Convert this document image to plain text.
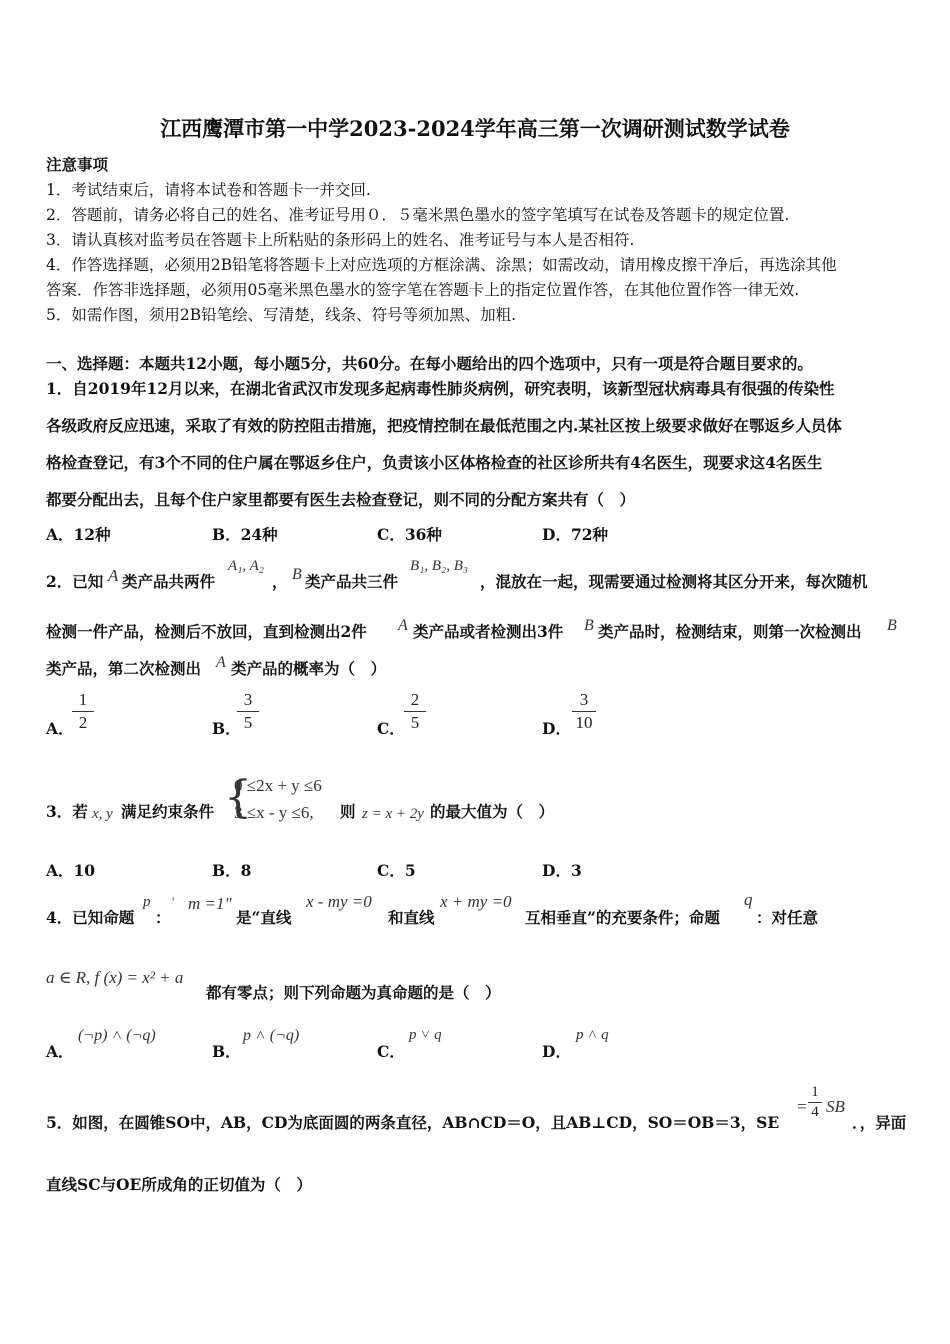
江西鹰潭市第一中学2023-2024学年高三第一次调研测试数学试卷
注意事项
1．考试结束后，请将本试卷和答题卡一并交回.
2．答题前，请务必将自己的姓名、准考证号用０．５毫米黑色墨水的签字笔填写在试卷及答题卡的规定位置.
3．请认真核对监考员在答题卡上所粘贴的条形码上的姓名、准考证号与本人是否相符.
4．作答选择题，必须用2B铅笔将答题卡上对应选项的方框涂满、涂黑；如需改动，请用橡皮擦干净后，再选涂其他
答案．作答非选择题，必须用05毫米黑色墨水的签字笔在答题卡上的指定位置作答，在其他位置作答一律无效.
5．如需作图，须用2B铅笔绘、写清楚，线条、符号等须加黑、加粗.
一、选择题：本题共12小题，每小题5分，共60分。在每小题给出的四个选项中，只有一项是符合题目要求的。
1．自2019年12月以来，在湖北省武汉市发现多起病毒性肺炎病例，研究表明，该新型冠状病毒具有很强的传染性
各级政府反应迅速，采取了有效的防控阻击措施，把疫情控制在最低范围之内.某社区按上级要求做好在鄂返乡人员体
格检查登记，有3个不同的住户属在鄂返乡住户，负责该小区体格检查的社区诊所共有4名医生，现要求这4名医生
都要分配出去，且每个住户家里都要有医生去检查登记，则不同的分配方案共有（　）
A．12种	B．24种	C．36种	D．72种
2．已知 A 类产品共两件
A₁, A₂
， B 类产品共三件
B₁, B₂, B₃
，混放在一起，现需要通过检测将其区分开来，每次随机
检测一件产品，检测后不放回，直到检测出2件 A 类产品或者检测出3件 B 类产品时，检测结束，则第一次检测出 B
类产品，第二次检测出 A 类产品的概率为（　）
A．
1
2	B．
3
5	C．
2
5	D．
3
10
3．若 x, y 满足约束条件 {
0 ≤2x + y ≤6
3 ≤x - y ≤6, 则 z = x + 2y 的最大值为（　）
A．10	B．8	C．5	D．3
4．已知命题
p
：
' m =1"
是“直线
x - my =0
和直线
x + my =0
互相垂直”的充要条件；命题
q
：对任意
a ∈ R, f (x) = x² + a
都有零点；则下列命题为真命题的是（　）
A．
(¬p) ˄ (¬q)
B．
p ˄ (¬q)
C．
p ˅ q
D．
p ˄ q
5．如图，在圆锥SO中，AB，CD为底面圆的两条直径，AB∩CD＝O，且AB⊥CD，SO＝OB＝3，SE
=
1
4 SB
．，异面
直线SC与OE所成角的正切值为（　）
